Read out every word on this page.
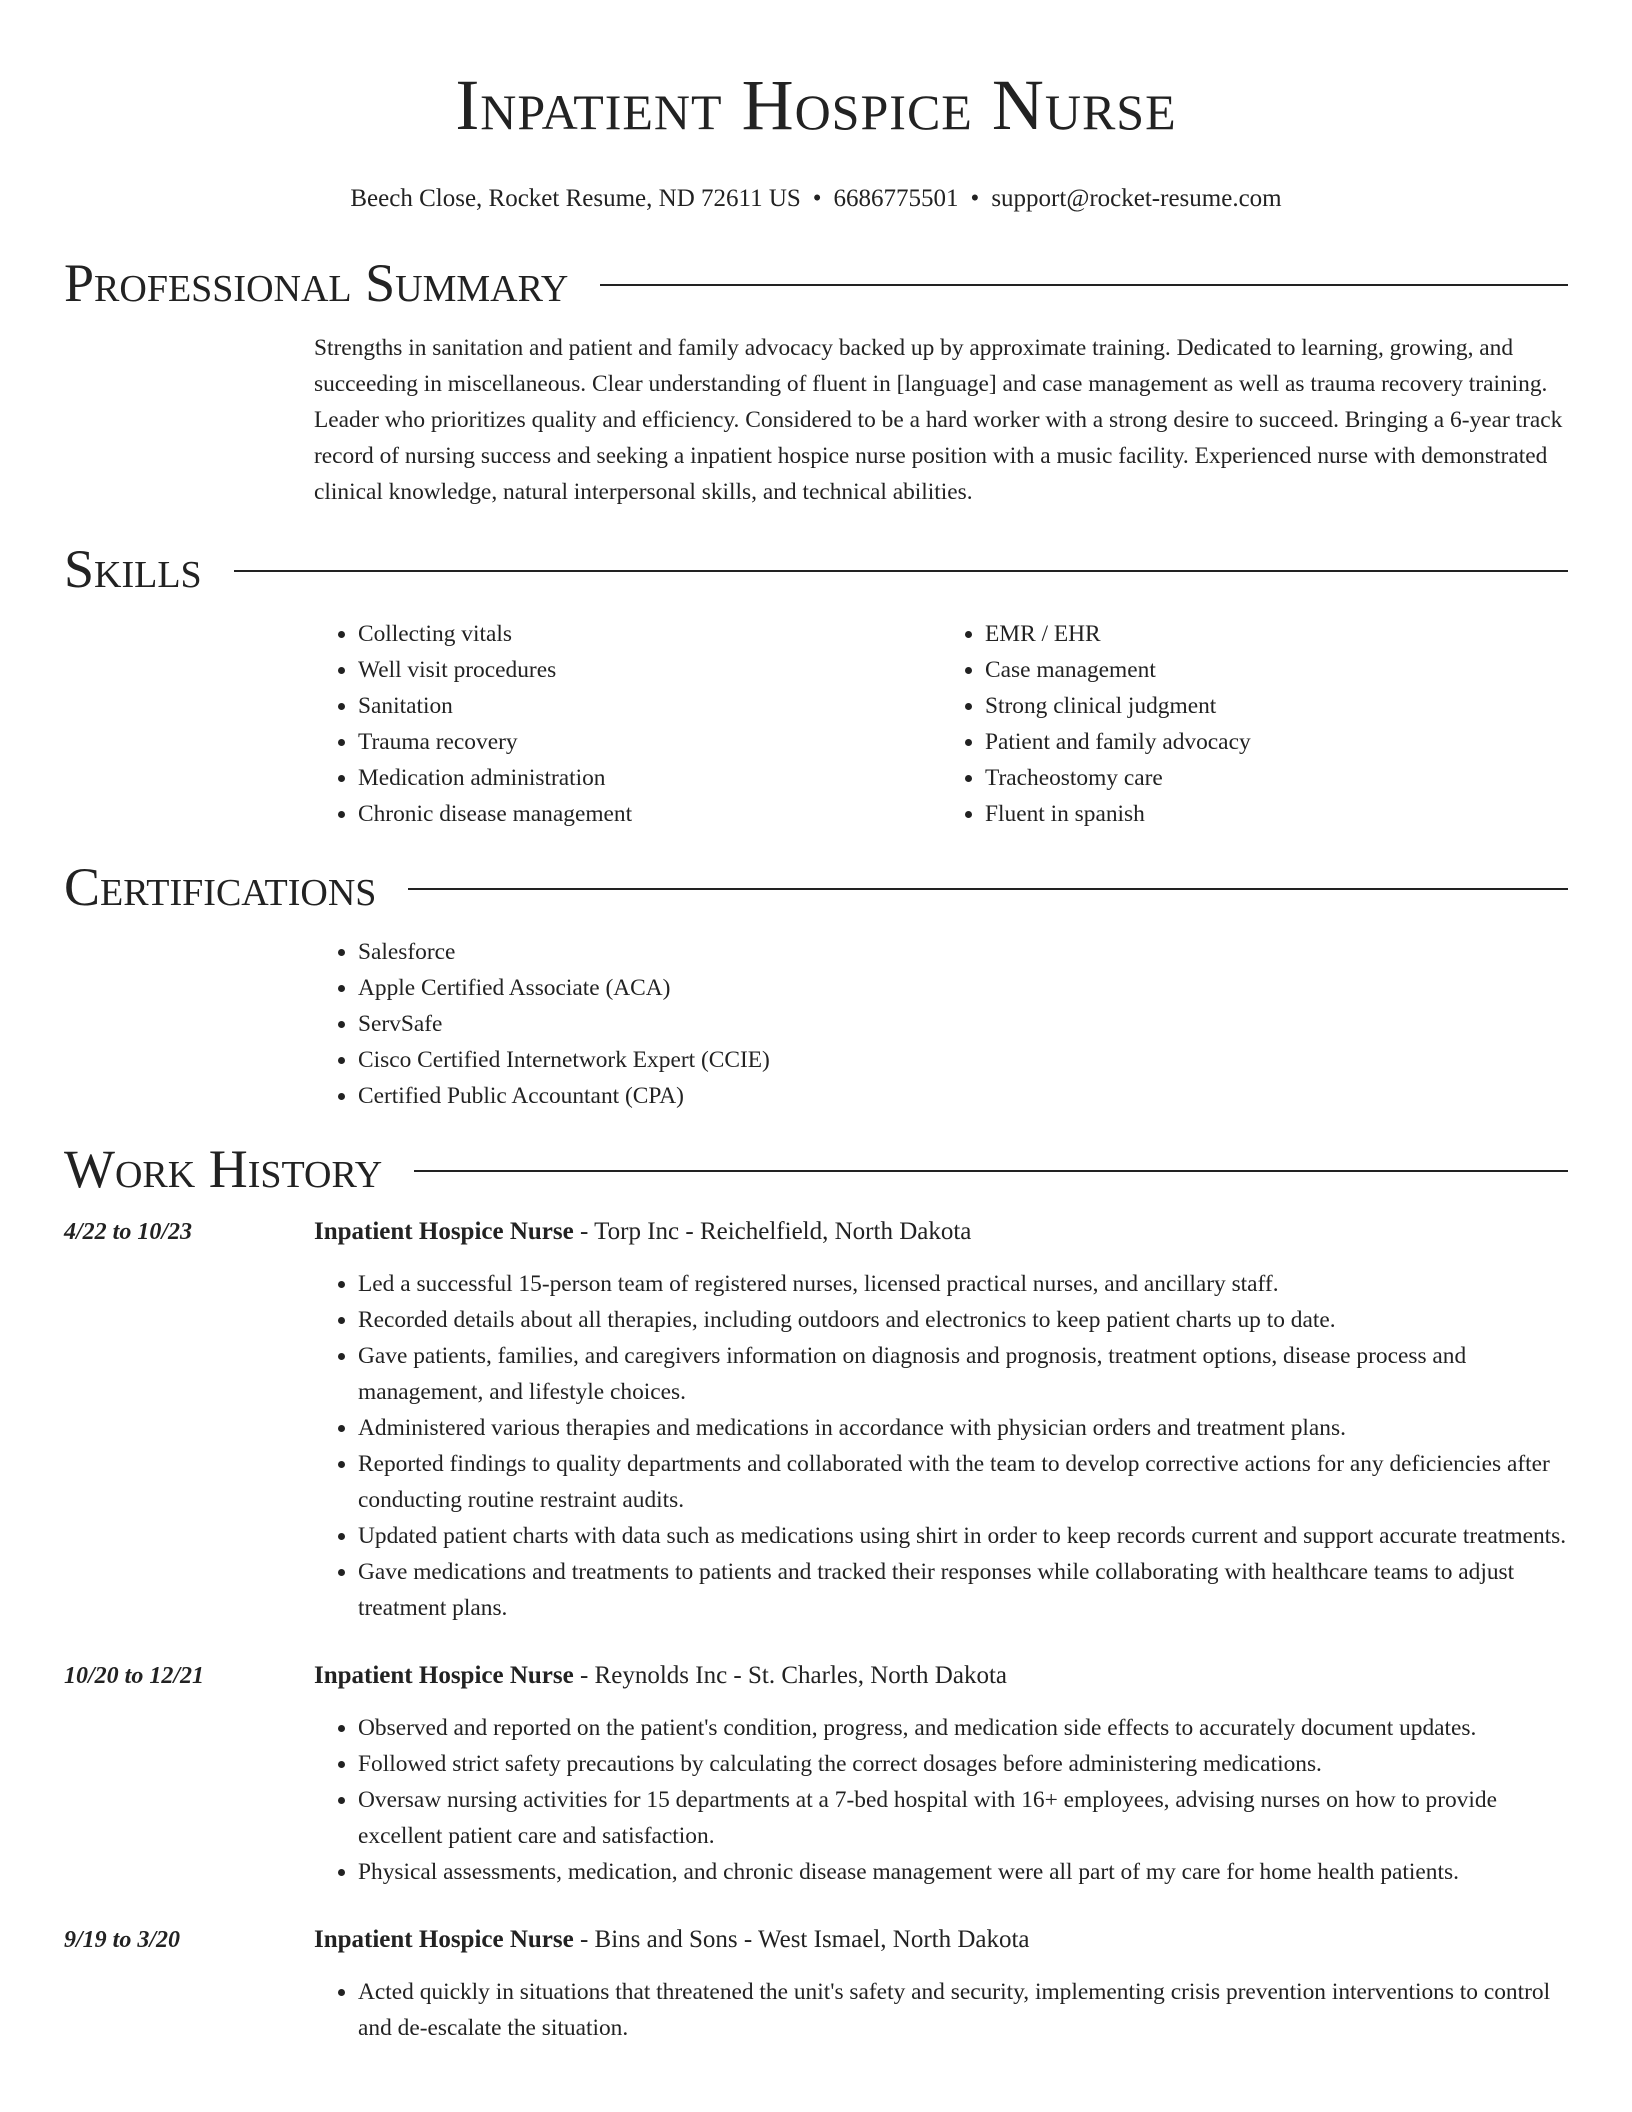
Inpatient Hospice Nurse
Beech Close, Rocket Resume, ND 72611 US • 6686775501 • support@rocket-resume.com
Professional Summary
Strengths in sanitation and patient and family advocacy backed up by approximate training. Dedicated to learning, growing, and succeeding in miscellaneous. Clear understanding of fluent in [language] and case management as well as trauma recovery training. Leader who prioritizes quality and efficiency. Considered to be a hard worker with a strong desire to succeed. Bringing a 6-year track record of nursing success and seeking a inpatient hospice nurse position with a music facility. Experienced nurse with demonstrated clinical knowledge, natural interpersonal skills, and technical abilities.
Skills
• Collecting vitals
• Well visit procedures
• Sanitation
• Trauma recovery
• Medication administration
• Chronic disease management
• EMR / EHR
• Case management
• Strong clinical judgment
• Patient and family advocacy
• Tracheostomy care
• Fluent in spanish
Certifications
• Salesforce
• Apple Certified Associate (ACA)
• ServSafe
• Cisco Certified Internetwork Expert (CCIE)
• Certified Public Accountant (CPA)
Work History
4/22 to 10/23	Inpatient Hospice Nurse - Torp Inc - Reichelfield, North Dakota
• Led a successful 15-person team of registered nurses, licensed practical nurses, and ancillary staff.
• Recorded details about all therapies, including outdoors and electronics to keep patient charts up to date.
• Gave patients, families, and caregivers information on diagnosis and prognosis, treatment options, disease process and management, and lifestyle choices.
• Administered various therapies and medications in accordance with physician orders and treatment plans.
• Reported findings to quality departments and collaborated with the team to develop corrective actions for any deficiencies after conducting routine restraint audits.
• Updated patient charts with data such as medications using shirt in order to keep records current and support accurate treatments.
• Gave medications and treatments to patients and tracked their responses while collaborating with healthcare teams to adjust treatment plans.
10/20 to 12/21	Inpatient Hospice Nurse - Reynolds Inc - St. Charles, North Dakota
• Observed and reported on the patient's condition, progress, and medication side effects to accurately document updates.
• Followed strict safety precautions by calculating the correct dosages before administering medications.
• Oversaw nursing activities for 15 departments at a 7-bed hospital with 16+ employees, advising nurses on how to provide excellent patient care and satisfaction.
• Physical assessments, medication, and chronic disease management were all part of my care for home health patients.
9/19 to 3/20	Inpatient Hospice Nurse - Bins and Sons - West Ismael, North Dakota
• Acted quickly in situations that threatened the unit's safety and security, implementing crisis prevention interventions to control and de-escalate the situation.
